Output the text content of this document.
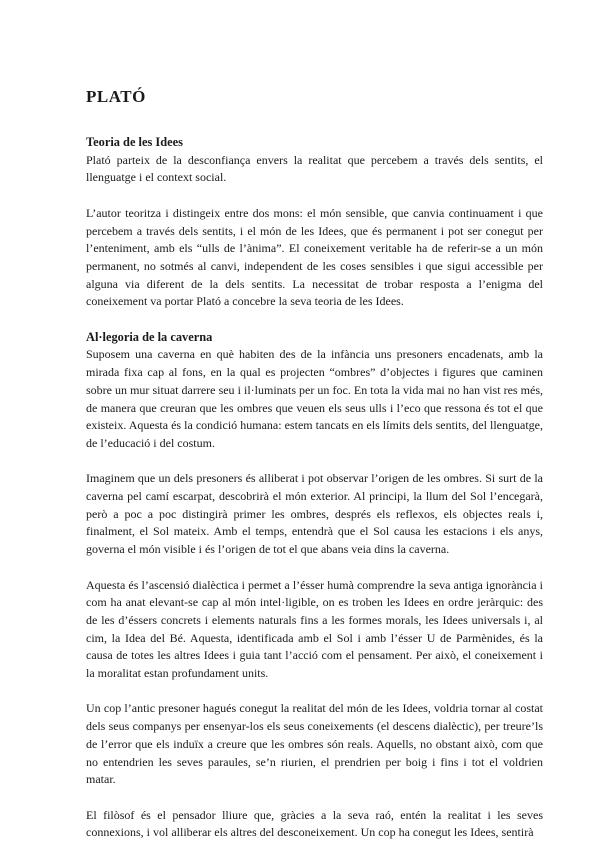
PLATÓ
Teoria de les Idees

Plató parteix de la desconfiança envers la realitat que percebem a través dels sentits, el llenguatge i el context social.

L’autor teoritza i distingeix entre dos mons: el món sensible, que canvia continuament i que percebem a través dels sentits, i el món de les Idees, que és permanent i pot ser conegut per l’enteniment, amb els “ulls de l’ànima”. El coneixement veritable ha de referir-se a un món permanent, no sotmés al canvi, independent de les coses sensibles i que sigui accessible per alguna via diferent de la dels sentits. La necessitat de trobar resposta a l’enigma del coneixement va portar Plató a concebre la seva teoria de les Idees.

Al·legoria de la caverna

Suposem una caverna en què habiten des de la infància uns presoners encadenats, amb la mirada fixa cap al fons, en la qual es projecten “ombres” d’objectes i figures que caminen sobre un mur situat darrere seu i il·luminats per un foc. En tota la vida mai no han vist res més, de manera que creuran que les ombres que veuen els seus ulls i l’eco que ressona és tot el que existeix. Aquesta és la condició humana: estem tancats en els límits dels sentits, del llenguatge, de l’educació i del costum.

Imaginem que un dels presoners és alliberat i pot observar l’origen de les ombres. Si surt de la caverna pel camí escarpat, descobrirà el món exterior. Al principi, la llum del Sol l’encegarà, però a poc a poc distingirà primer les ombres, després els reflexos, els objectes reals i, finalment, el Sol mateix. Amb el temps, entendrà que el Sol causa les estacions i els anys, governa el món visible i és l’origen de tot el que abans veia dins la caverna.

Aquesta és l’ascensió dialèctica i permet a l’ésser humà comprendre la seva antiga ignorància i com ha anat elevant-se cap al món intel·ligible, on es troben les Idees en ordre jeràrquic: des de les d’éssers concrets i elements naturals fins a les formes morals, les Idees universals i, al cim, la Idea del Bé. Aquesta, identificada amb el Sol i amb l’ésser U de Parmènides, és la causa de totes les altres Idees i guia tant l’acció com el pensament. Per això, el coneixement i la moralitat estan profundament units.

Un cop l’antic presoner hagués conegut la realitat del món de les Idees, voldria tornar al costat dels seus companys per ensenyar-los els seus coneixements (el descens dialèctic), per treure’ls de l’error que els induïx a creure que les ombres són reals. Aquells, no obstant això, com que no entendrien les seves paraules, se’n riurien, el prendrien per boig i fins i tot el voldrien matar.

El filòsof és el pensador lliure que, gràcies a la seva raó, entén la realitat i les seves connexions, i vol alliberar els altres del desconeixement. Un cop ha conegut les Idees, sentirà
